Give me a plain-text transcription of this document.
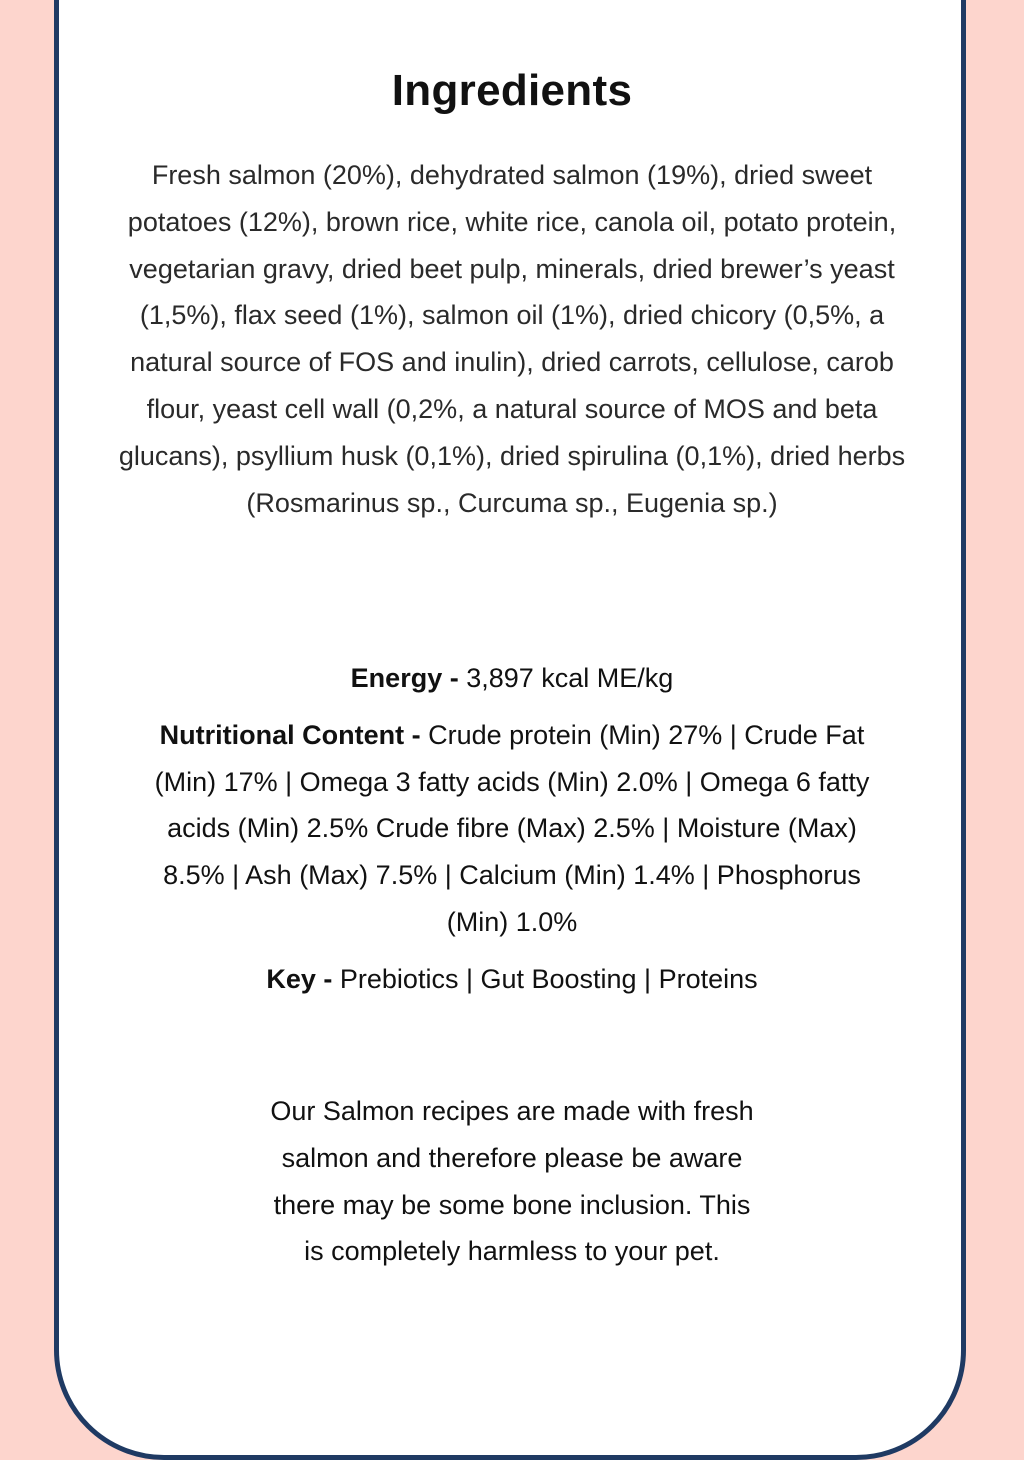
Ingredients

Fresh salmon (20%), dehydrated salmon (19%), dried sweet potatoes (12%), brown rice, white rice, canola oil, potato protein, vegetarian gravy, dried beet pulp, minerals, dried brewer’s yeast (1,5%), flax seed (1%), salmon oil (1%), dried chicory (0,5%, a natural source of FOS and inulin), dried carrots, cellulose, carob flour, yeast cell wall (0,2%, a natural source of MOS and beta glucans), psyllium husk (0,1%), dried spirulina (0,1%), dried herbs (Rosmarinus sp., Curcuma sp., Eugenia sp.)

Energy - 3,897 kcal ME/kg

Nutritional Content - Crude protein (Min) 27% | Crude Fat (Min) 17% | Omega 3 fatty acids (Min) 2.0% | Omega 6 fatty acids (Min) 2.5% Crude fibre (Max) 2.5% | Moisture (Max) 8.5% | Ash (Max) 7.5% | Calcium (Min) 1.4% | Phosphorus (Min) 1.0%

Key - Prebiotics | Gut Boosting | Proteins

Our Salmon recipes are made with fresh salmon and therefore please be aware there may be some bone inclusion. This is completely harmless to your pet.
